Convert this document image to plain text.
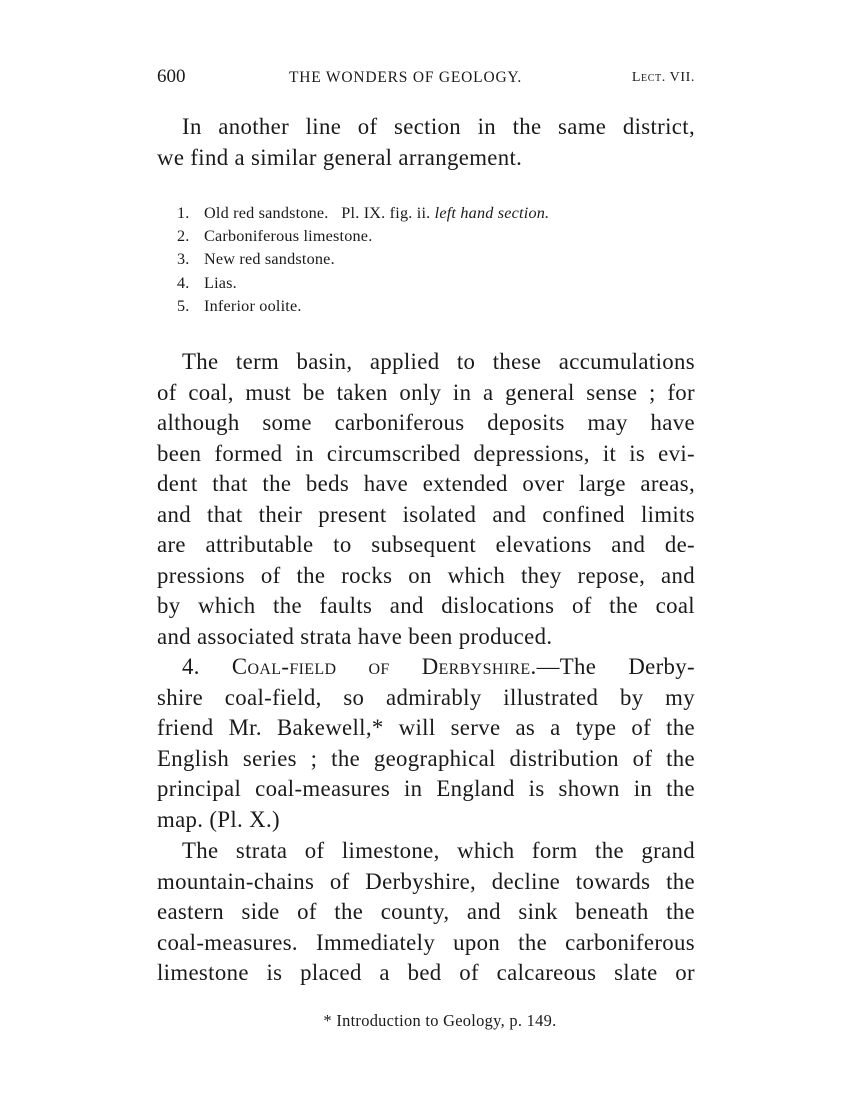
600	THE WONDERS OF GEOLOGY.	Lect. VII.
In another line of section in the same district,
we find a similar general arrangement.
1. Old red sandstone. Pl. IX. fig. ii. left hand section.
2. Carboniferous limestone.
3. New red sandstone.
4. Lias.
5. Inferior oolite.
The term basin, applied to these accumulations
of coal, must be taken only in a general sense ; for
although some carboniferous deposits may have
been formed in circumscribed depressions, it is evi-
dent that the beds have extended over large areas,
and that their present isolated and confined limits
are attributable to subsequent elevations and de-
pressions of the rocks on which they repose, and
by which the faults and dislocations of the coal
and associated strata have been produced.
4. Coal-field of Derbyshire.—The Derby-
shire coal-field, so admirably illustrated by my
friend Mr. Bakewell,* will serve as a type of the
English series ; the geographical distribution of the
principal coal-measures in England is shown in the
map. (Pl. X.)
The strata of limestone, which form the grand
mountain-chains of Derbyshire, decline towards the
eastern side of the county, and sink beneath the
coal-measures. Immediately upon the carboniferous
limestone is placed a bed of calcareous slate or
* Introduction to Geology, p. 149.
